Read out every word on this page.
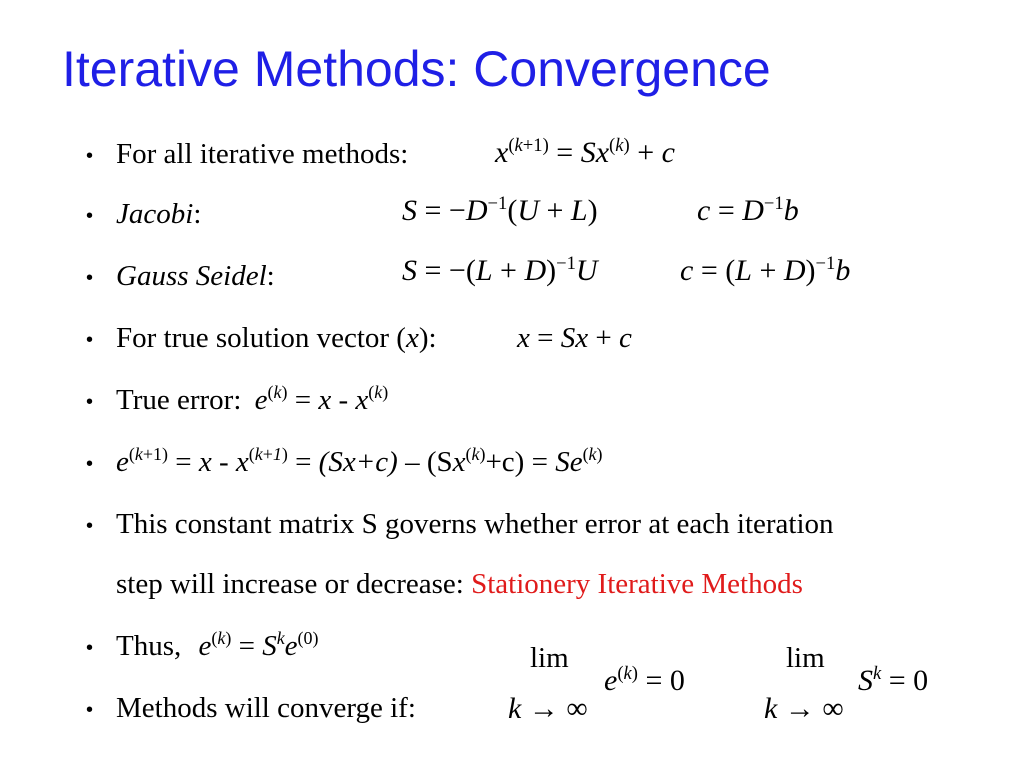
Iterative Methods: Convergence
• For all iterative methods:	$x^{(k+1)} = Sx^{(k)} + c$
• Jacobi:	$S = -D^{-1}(U + L)$	$c = D^{-1}b$
• Gauss Seidel:	$S = -(L + D)^{-1}U$	$c = (L + D)^{-1}b$
• For true solution vector (x):	x = Sx + c
• True error: $e^{(k)} = x - x^{(k)}$
• $e^{(k+1)} = x - x^{(k+1)} = (Sx+c) - (Sx^{(k)}+c) = Se^{(k)}$
• This constant matrix S governs whether error at each iteration
step will increase or decrease: Stationery Iterative Methods
• Thus, $e^{(k)} = S^ke^{(0)}$
lim
$e^{(k)} = 0$
k → ∞
lim
$S^k = 0$
k → ∞
• Methods will converge if:
